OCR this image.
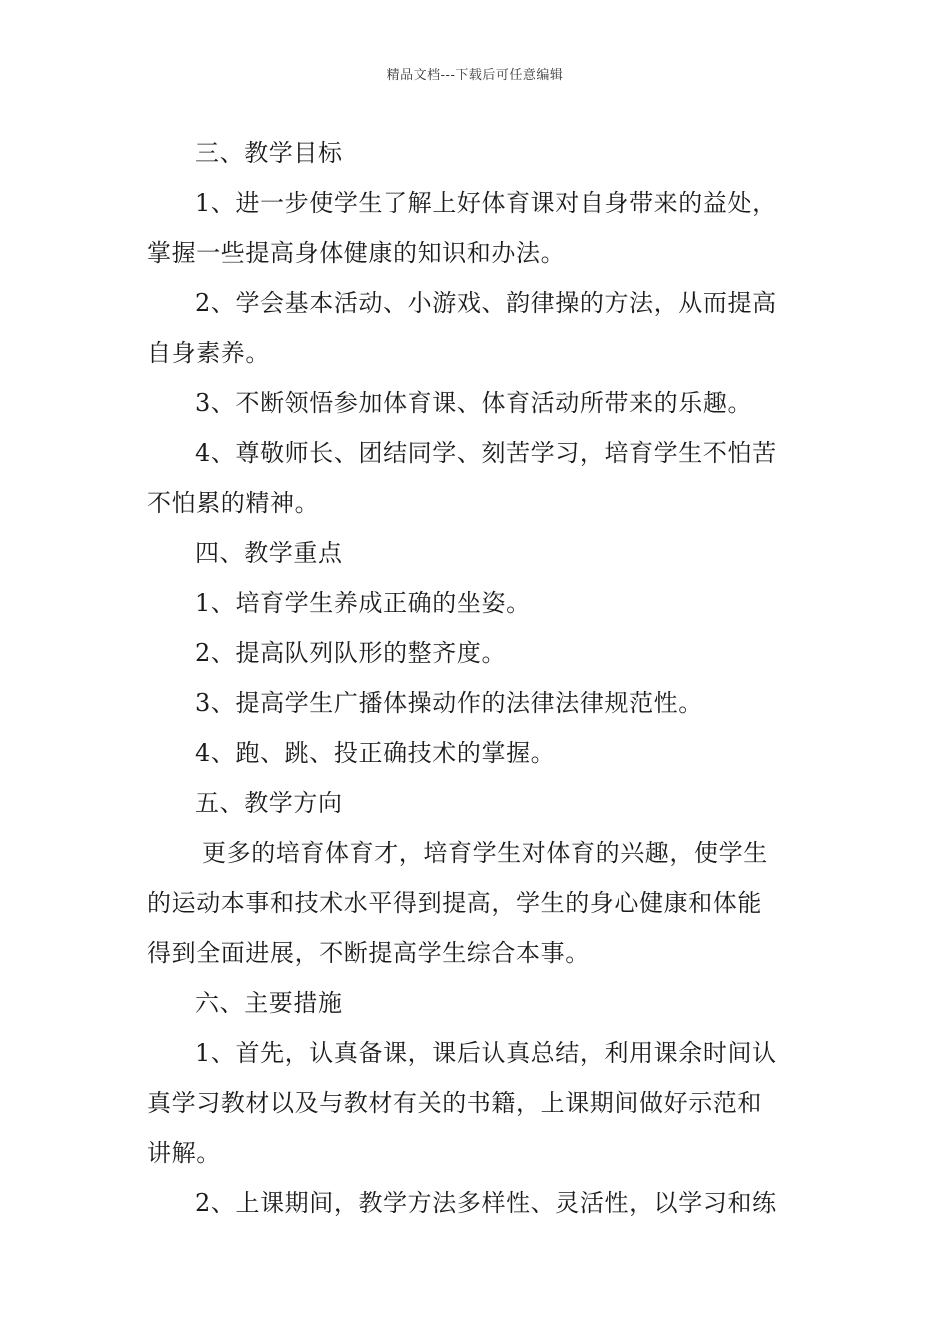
精品文档---下载后可任意编辑
三、教学目标
1、进一步使学生了解上好体育课对自身带来的益处，
掌握一些提高身体健康的知识和办法。
2、学会基本活动、小游戏、韵律操的方法，从而提高
自身素养。
3、不断领悟参加体育课、体育活动所带来的乐趣。
4、尊敬师长、团结同学、刻苦学习，培育学生不怕苦
不怕累的精神。
四、教学重点
1、培育学生养成正确的坐姿。
2、提高队列队形的整齐度。
3、提高学生广播体操动作的法律法律规范性。
4、跑、跳、投正确技术的掌握。
五、教学方向
更多的培育体育才，培育学生对体育的兴趣，使学生
的运动本事和技术水平得到提高，学生的身心健康和体能
得到全面进展，不断提高学生综合本事。
六、主要措施
1、首先，认真备课，课后认真总结，利用课余时间认
真学习教材以及与教材有关的书籍，上课期间做好示范和
讲解。
2、上课期间，教学方法多样性、灵活性，以学习和练
